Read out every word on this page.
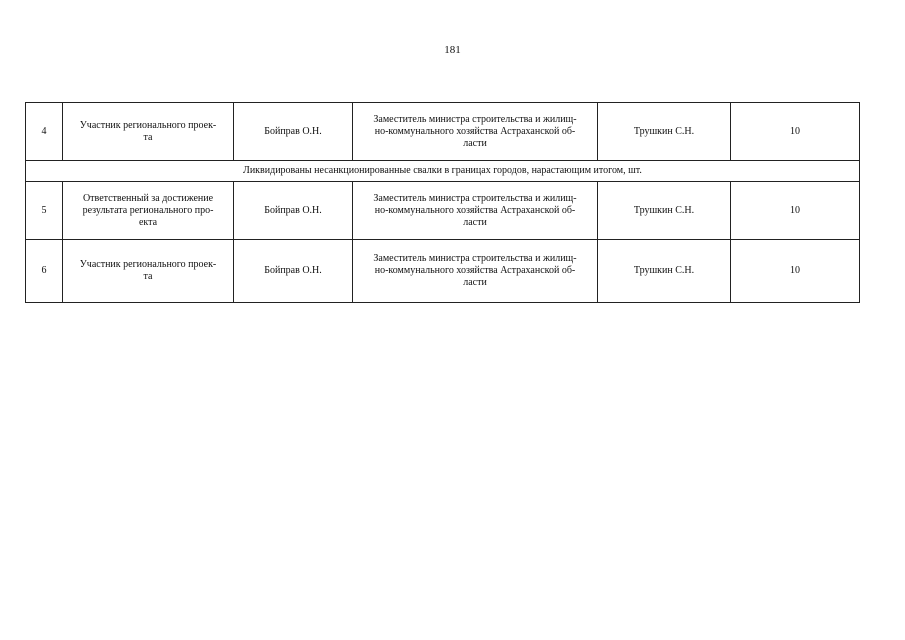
181
4	Участник регионального проек-
та	Бойправ О.Н.	Заместитель министра строительства и жилищ-
но-коммунального хозяйства Астраханской об-
ласти	Трушкин С.Н.	10
Ликвидированы несанкционированные свалки в границах городов, нарастающим итогом, шт.					
5	Ответственный за достижение
результата регионального про-
екта	Бойправ О.Н.	Заместитель министра строительства и жилищ-
но-коммунального хозяйства Астраханской об-
ласти	Трушкин С.Н.	10
6	Участник регионального проек-
та	Бойправ О.Н.	Заместитель министра строительства и жилищ-
но-коммунального хозяйства Астраханской об-
ласти	Трушкин С.Н.	10
